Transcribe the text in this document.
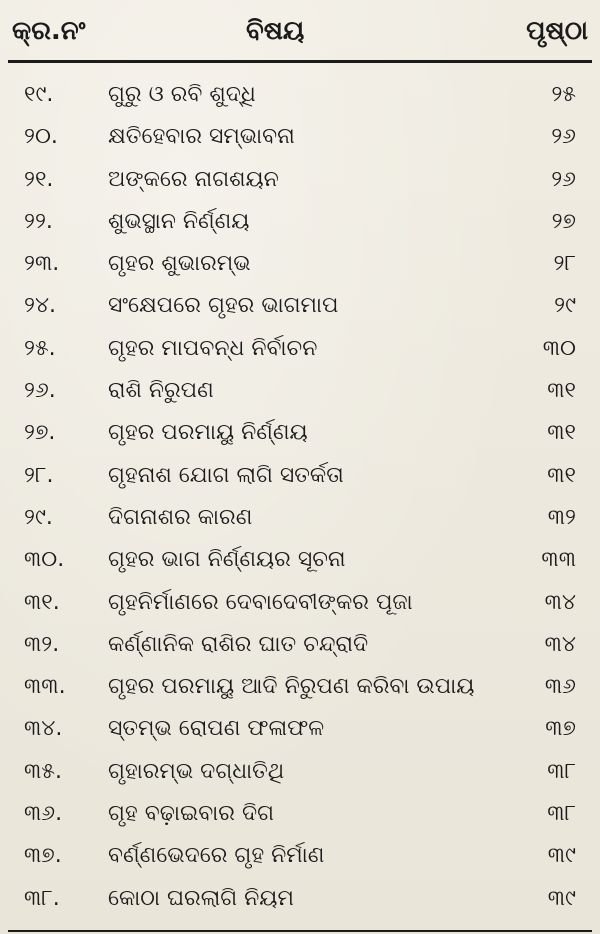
କ୍ର.ନଂ	ବିଷୟ	ପୃଷ୍ଠା
୧୯. ଗୁରୁ ଓ ରବି ଶୁଦ୍ଧି	୨୫
୨୦. କ୍ଷତିହେବାର ସମ୍ଭାବନା	୨୬
୨୧. ଅଙ୍କରେ ନାଗଶୟନ	୨୬
୨୨.	ଶୁଭସ୍ଥାନ ନିର୍ଣ୍ଣୟ	୨୭
୨୩. ଗୃହର ଶୁଭାରମ୍ଭ	୨୮
୨୪. ସଂକ୍ଷେପରେ ଗୃହର ଭାଗମାପ	୨୯
୨୫. ଗୃହର ମାପବନ୍ଧ ନିର୍ବାଚନ	୩୦
୨୬. ରାଶି ନିରୁପଣ	୩୧
୨୭. ଗୃହର ପରମାୟୁ ନିର୍ଣ୍ଣୟ	୩୧
୨୮. ଗୃହନାଶ ଯୋଗ ଲାଗି ସତର୍କତା	୩୧
୨୯.	ଦିଗନାଶର କାରଣ	୩୨
୩୦. ଗୃହର ଭାଗ ନିର୍ଣ୍ଣୟର ସୂଚନା	୩୩
୩୧. ଗୃହନିର୍ମାଣରେ ଦେବାଦେବୀଙ୍କର ପୂଜା	୩୪
୩୨. କର୍ଣ୍ଣାନିକ ରାଶିର ଘାତ ଚନ୍ଦ୍ରାଦି	୩୪
୩୩. ଗୃହର ପରମାୟୁ ଆଦି ନିରୁପଣ କରିବା ଉପାୟ	୩୬
୩୪. ସ୍ତମ୍ଭ ରୋପଣ ଫଳାଫଳ	୩୭
୩୫. ଗୃହାରମ୍ଭ ଦଗ୍ଧାତିଥି	୩୮
୩୬. ଗୃହ ବଢ଼ାଇବାର ଦିଗ	୩୮
୩୭. ବର୍ଣ୍ଣଭେଦରେ ଗୃହ ନିର୍ମାଣ	୩୯
୩୮. କୋଠା ଘରଲାଗି ନିୟମ	୩୯
